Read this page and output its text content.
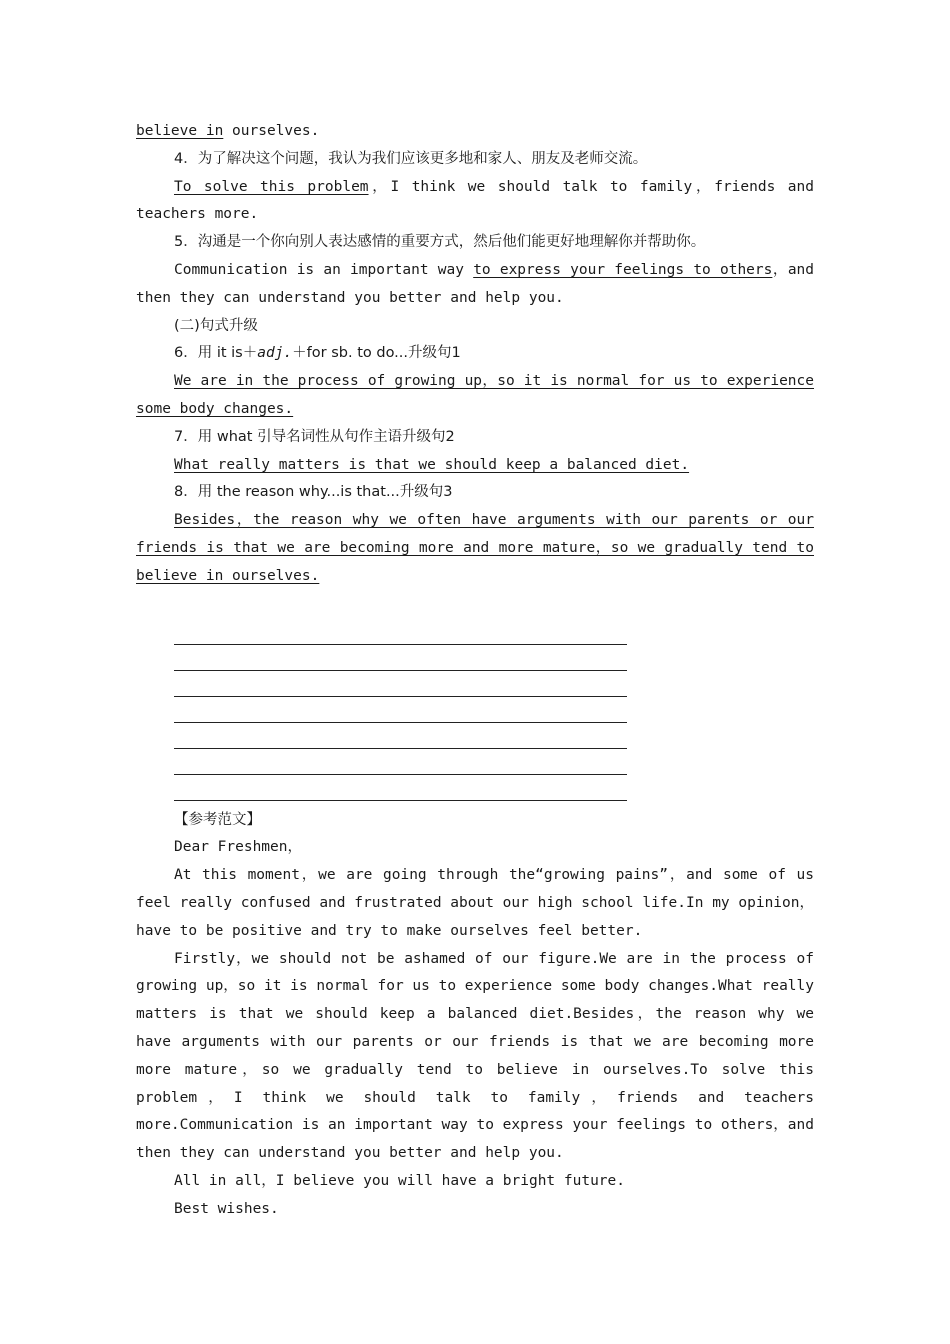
believe in ourselves.
4．为了解决这个问题，我认为我们应该更多地和家人、朋友及老师交流。
To solve this problem，I think we should talk to family，friends and
teachers more.
5．沟通是一个你向别人表达感情的重要方式，然后他们能更好地理解你并帮助你。
Communication is an important way to express your feelings to others，and
then they can understand you better and help you.
(二)句式升级
6．用 it is＋adj.＋for sb. to do...升级句1
We are in the process of growing up，so it is normal for us to experience
some body changes.
7．用 what 引导名词性从句作主语升级句2
What really matters is that we should keep a balanced diet.
8．用 the reason why...is that...升级句3
Besides，the reason why we often have arguments with our parents or our
friends is that we are becoming more and more mature，so we gradually tend to
believe in ourselves.
【参考范文】
Dear Freshmen，
At this moment，we are going through the“growing pains”，and some of us
feel really confused and frustrated about our high school life.In my opinion，
have to be positive and try to make ourselves feel better.
Firstly，we should not be ashamed of our figure.We are in the process of
growing up，so it is normal for us to experience some body changes.What really
matters is that we should keep a balanced diet.Besides，the reason why we
have arguments with our parents or our friends is that we are becoming more
more mature，so we gradually tend to believe in ourselves.To solve this
problem，I think we should talk to family，friends and teachers
more.Communication is an important way to express your feelings to others，and
then they can understand you better and help you.
All in all，I believe you will have a bright future.
Best wishes.
